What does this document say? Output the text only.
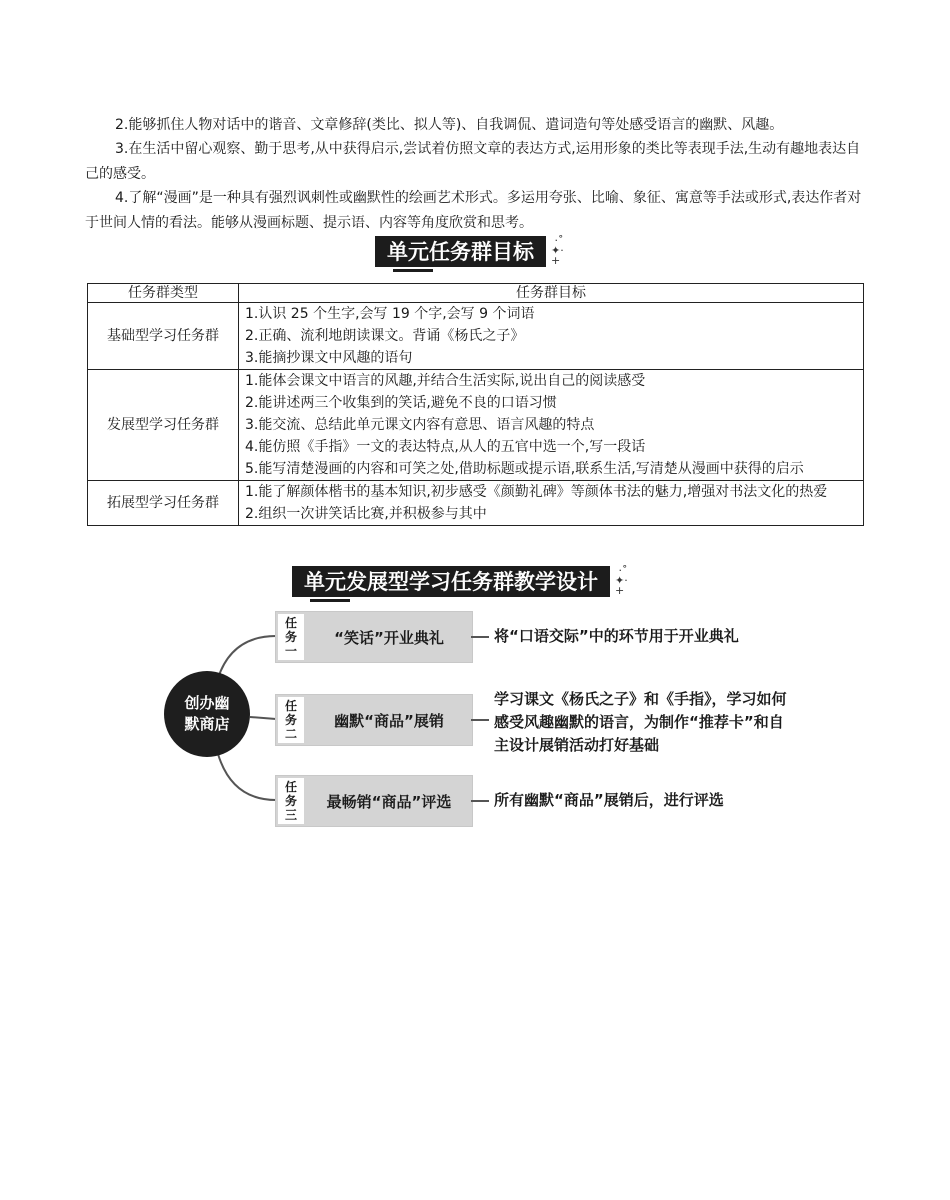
2.能够抓住人物对话中的谐音、文章修辞(类比、拟人等)、自我调侃、遣词造句等处感受语言的幽默、风趣。

3.在生活中留心观察、勤于思考,从中获得启示,尝试着仿照文章的表达方式,运用形象的类比等表现手法,生动有趣地表达自己的感受。

4.了解“漫画”是一种具有强烈讽刺性或幽默性的绘画艺术形式。多运用夸张、比喻、象征、寓意等手法或形式,表达作者对于世间人情的看法。能够从漫画标题、提示语、内容等角度欣赏和思考。

单元任务群目标	·˚
✦·
+
任务群类型	任务群目标
基础型学习任务群	1.认识 25 个生字,会写 19 个字,会写 9 个词语
2.正确、流利地朗读课文。背诵《杨氏之子》
3.能摘抄课文中风趣的语句

发展型学习任务群	1.能体会课文中语言的风趣,并结合生活实际,说出自己的阅读感受
2.能讲述两三个收集到的笑话,避免不良的口语习惯
3.能交流、总结此单元课文内容有意思、语言风趣的特点
4.能仿照《手指》一文的表达特点,从人的五官中选一个,写一段话
5.能写清楚漫画的内容和可笑之处,借助标题或提示语,联系生活,写清楚从漫画中获得的启示

拓展型学习任务群	1.能了解颜体楷书的基本知识,初步感受《颜勤礼碑》等颜体书法的魅力,增强对书法文化的热爱
2.组织一次讲笑话比赛,并积极参与其中
单元发展型学习任务群教学设计	·˚
✦·
+
创办幽默商店
任
务
一
“笑话”开业典礼	将“口语交际”中的环节用于开业典礼
任
务
二
幽默“商品”展销
学习课文《杨氏之子》和《手指》，学习如何感受风趣幽默的语言，为制作“推荐卡”和自主设计展销活动打好基础
任
务
三
最畅销“商品”评选	所有幽默“商品”展销后，进行评选
